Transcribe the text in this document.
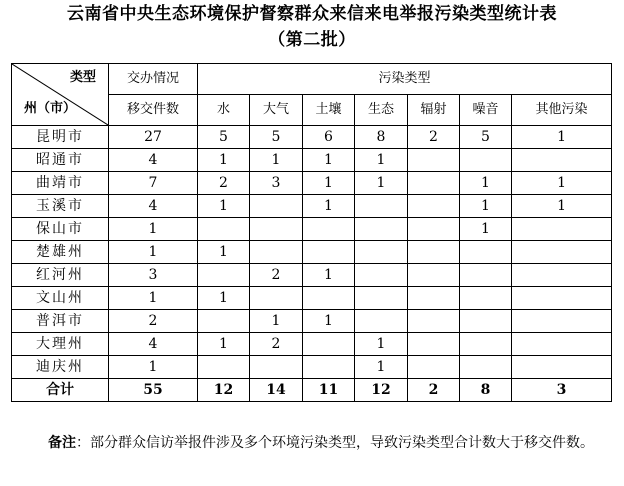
云南省中央生态环境保护督察群众来信来电举报污染类型统计表
（第二批）
类型
州（市）	交办情况	污染类型						
	移交件数	水	大气	土壤	生态	辐射	噪音	其他污染
昆明市	27	5	5	6	8	2	5	1
昭通市	4	1	1	1	1			
曲靖市	7	2	3	1	1		1	1
玉溪市	4	1		1			1	1
保山市	1						1	
楚雄州	1	1						
红河州	3		2	1				
文山州	1	1						
普洱市	2		1	1				
大理州	4	1	2		1			
迪庆州	1				1			
合计	55	12	14	11	12	2	8	3
备注：部分群众信访举报件涉及多个环境污染类型，导致污染类型合计数大于移交件数。
